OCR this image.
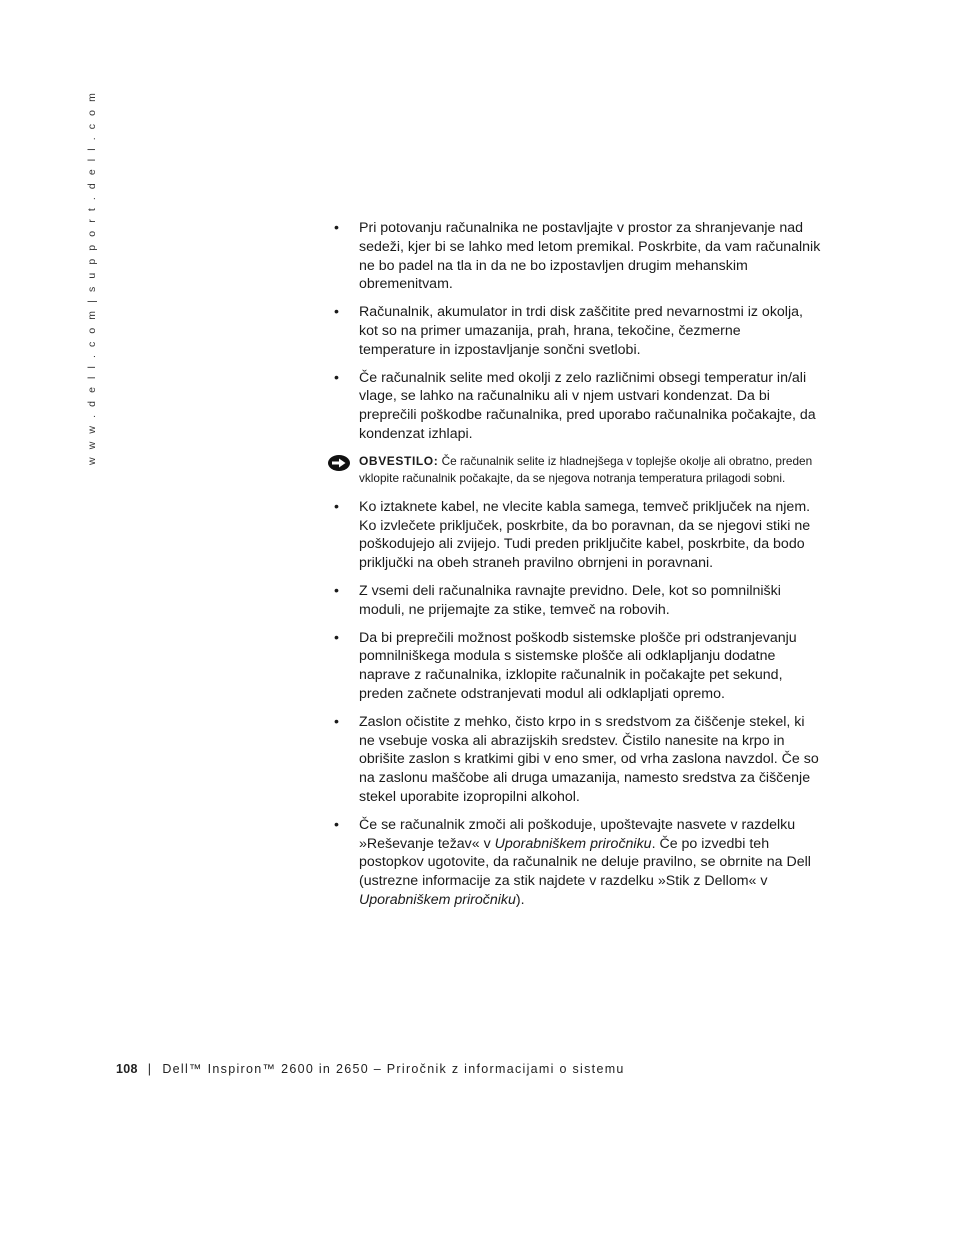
w w w . d e l l . c o m | s u p p o r t . d e l l . c o m	• Pri potovanju računalnika ne postavljajte v prostor za shranjevanje nad sedeži, kjer bi se lahko med letom premikal. Poskrbite, da vam računalnik ne bo padel na tla in da ne bo izpostavljen drugim mehanskim obremenitvam.
• Računalnik, akumulator in trdi disk zaščitite pred nevarnostmi iz okolja, kot so na primer umazanija, prah, hrana, tekočine, čezmerne temperature in izpostavljanje sončni svetlobi.
• Če računalnik selite med okolji z zelo različnimi obsegi temperatur in/ali vlage, se lahko na računalniku ali v njem ustvari kondenzat. Da bi preprečili poškodbe računalnika, pred uporabo računalnika počakajte, da kondenzat izhlapi.
OBVESTILO: Če računalnik selite iz hladnejšega v toplejše okolje ali obratno, preden vklopite računalnik počakajte, da se njegova notranja temperatura prilagodi sobni.
• Ko iztaknete kabel, ne vlecite kabla samega, temveč priključek na njem. Ko izvlečete priključek, poskrbite, da bo poravnan, da se njegovi stiki ne poškodujejo ali zvijejo. Tudi preden priključite kabel, poskrbite, da bodo priključki na obeh straneh pravilno obrnjeni in poravnani.
• Z vsemi deli računalnika ravnajte previdno. Dele, kot so pomnilniški moduli, ne prijemajte za stike, temveč na robovih.
• Da bi preprečili možnost poškodb sistemske plošče pri odstranjevanju pomnilniškega modula s sistemske plošče ali odklapljanju dodatne naprave z računalnika, izklopite računalnik in počakajte pet sekund, preden začnete odstranjevati modul ali odklapljati opremo.
• Zaslon očistite z mehko, čisto krpo in s sredstvom za čiščenje stekel, ki ne vsebuje voska ali abrazijskih sredstev. Čistilo nanesite na krpo in obrišite zaslon s kratkimi gibi v eno smer, od vrha zaslona navzdol. Če so na zaslonu maščobe ali druga umazanija, namesto sredstva za čiščenje stekel uporabite izopropilni alkohol.
• Če se računalnik zmoči ali poškoduje, upoštevajte nasvete v razdelku »Reševanje težav« v Uporabniškem priročniku. Če po izvedbi teh postopkov ugotovite, da računalnik ne deluje pravilno, se obrnite na Dell (ustrezne informacije za stik najdete v razdelku »Stik z Dellom« v Uporabniškem priročniku).
108 | Dell™ Inspiron™ 2600 in 2650 – Priročnik z informacijami o sistemu
